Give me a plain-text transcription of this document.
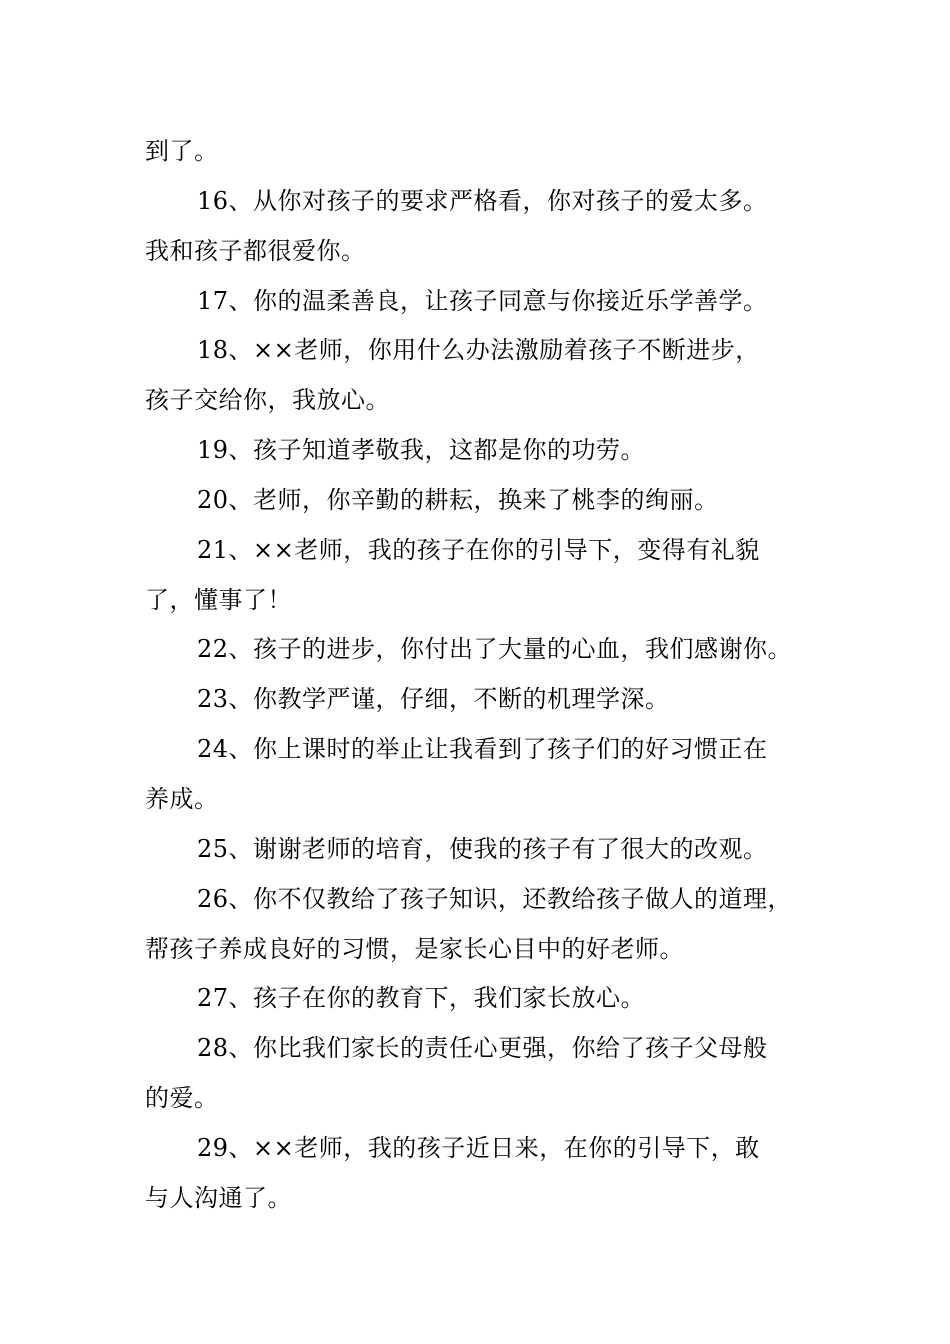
到了。
16、从你对孩子的要求严格看，你对孩子的爱太多。
我和孩子都很爱你。
17、你的温柔善良，让孩子同意与你接近乐学善学。
18、××老师，你用什么办法激励着孩子不断进步，
孩子交给你，我放心。
19、孩子知道孝敬我，这都是你的功劳。
20、老师，你辛勤的耕耘，换来了桃李的绚丽。
21、××老师，我的孩子在你的引导下，变得有礼貌
了，懂事了！
22、孩子的进步，你付出了大量的心血，我们感谢你。
23、你教学严谨，仔细，不断的机理学深。
24、你上课时的举止让我看到了孩子们的好习惯正在
养成。
25、谢谢老师的培育，使我的孩子有了很大的改观。
26、你不仅教给了孩子知识，还教给孩子做人的道理，
帮孩子养成良好的习惯，是家长心目中的好老师。
27、孩子在你的教育下，我们家长放心。
28、你比我们家长的责任心更强，你给了孩子父母般
的爱。
29、××老师，我的孩子近日来，在你的引导下，敢
与人沟通了。
